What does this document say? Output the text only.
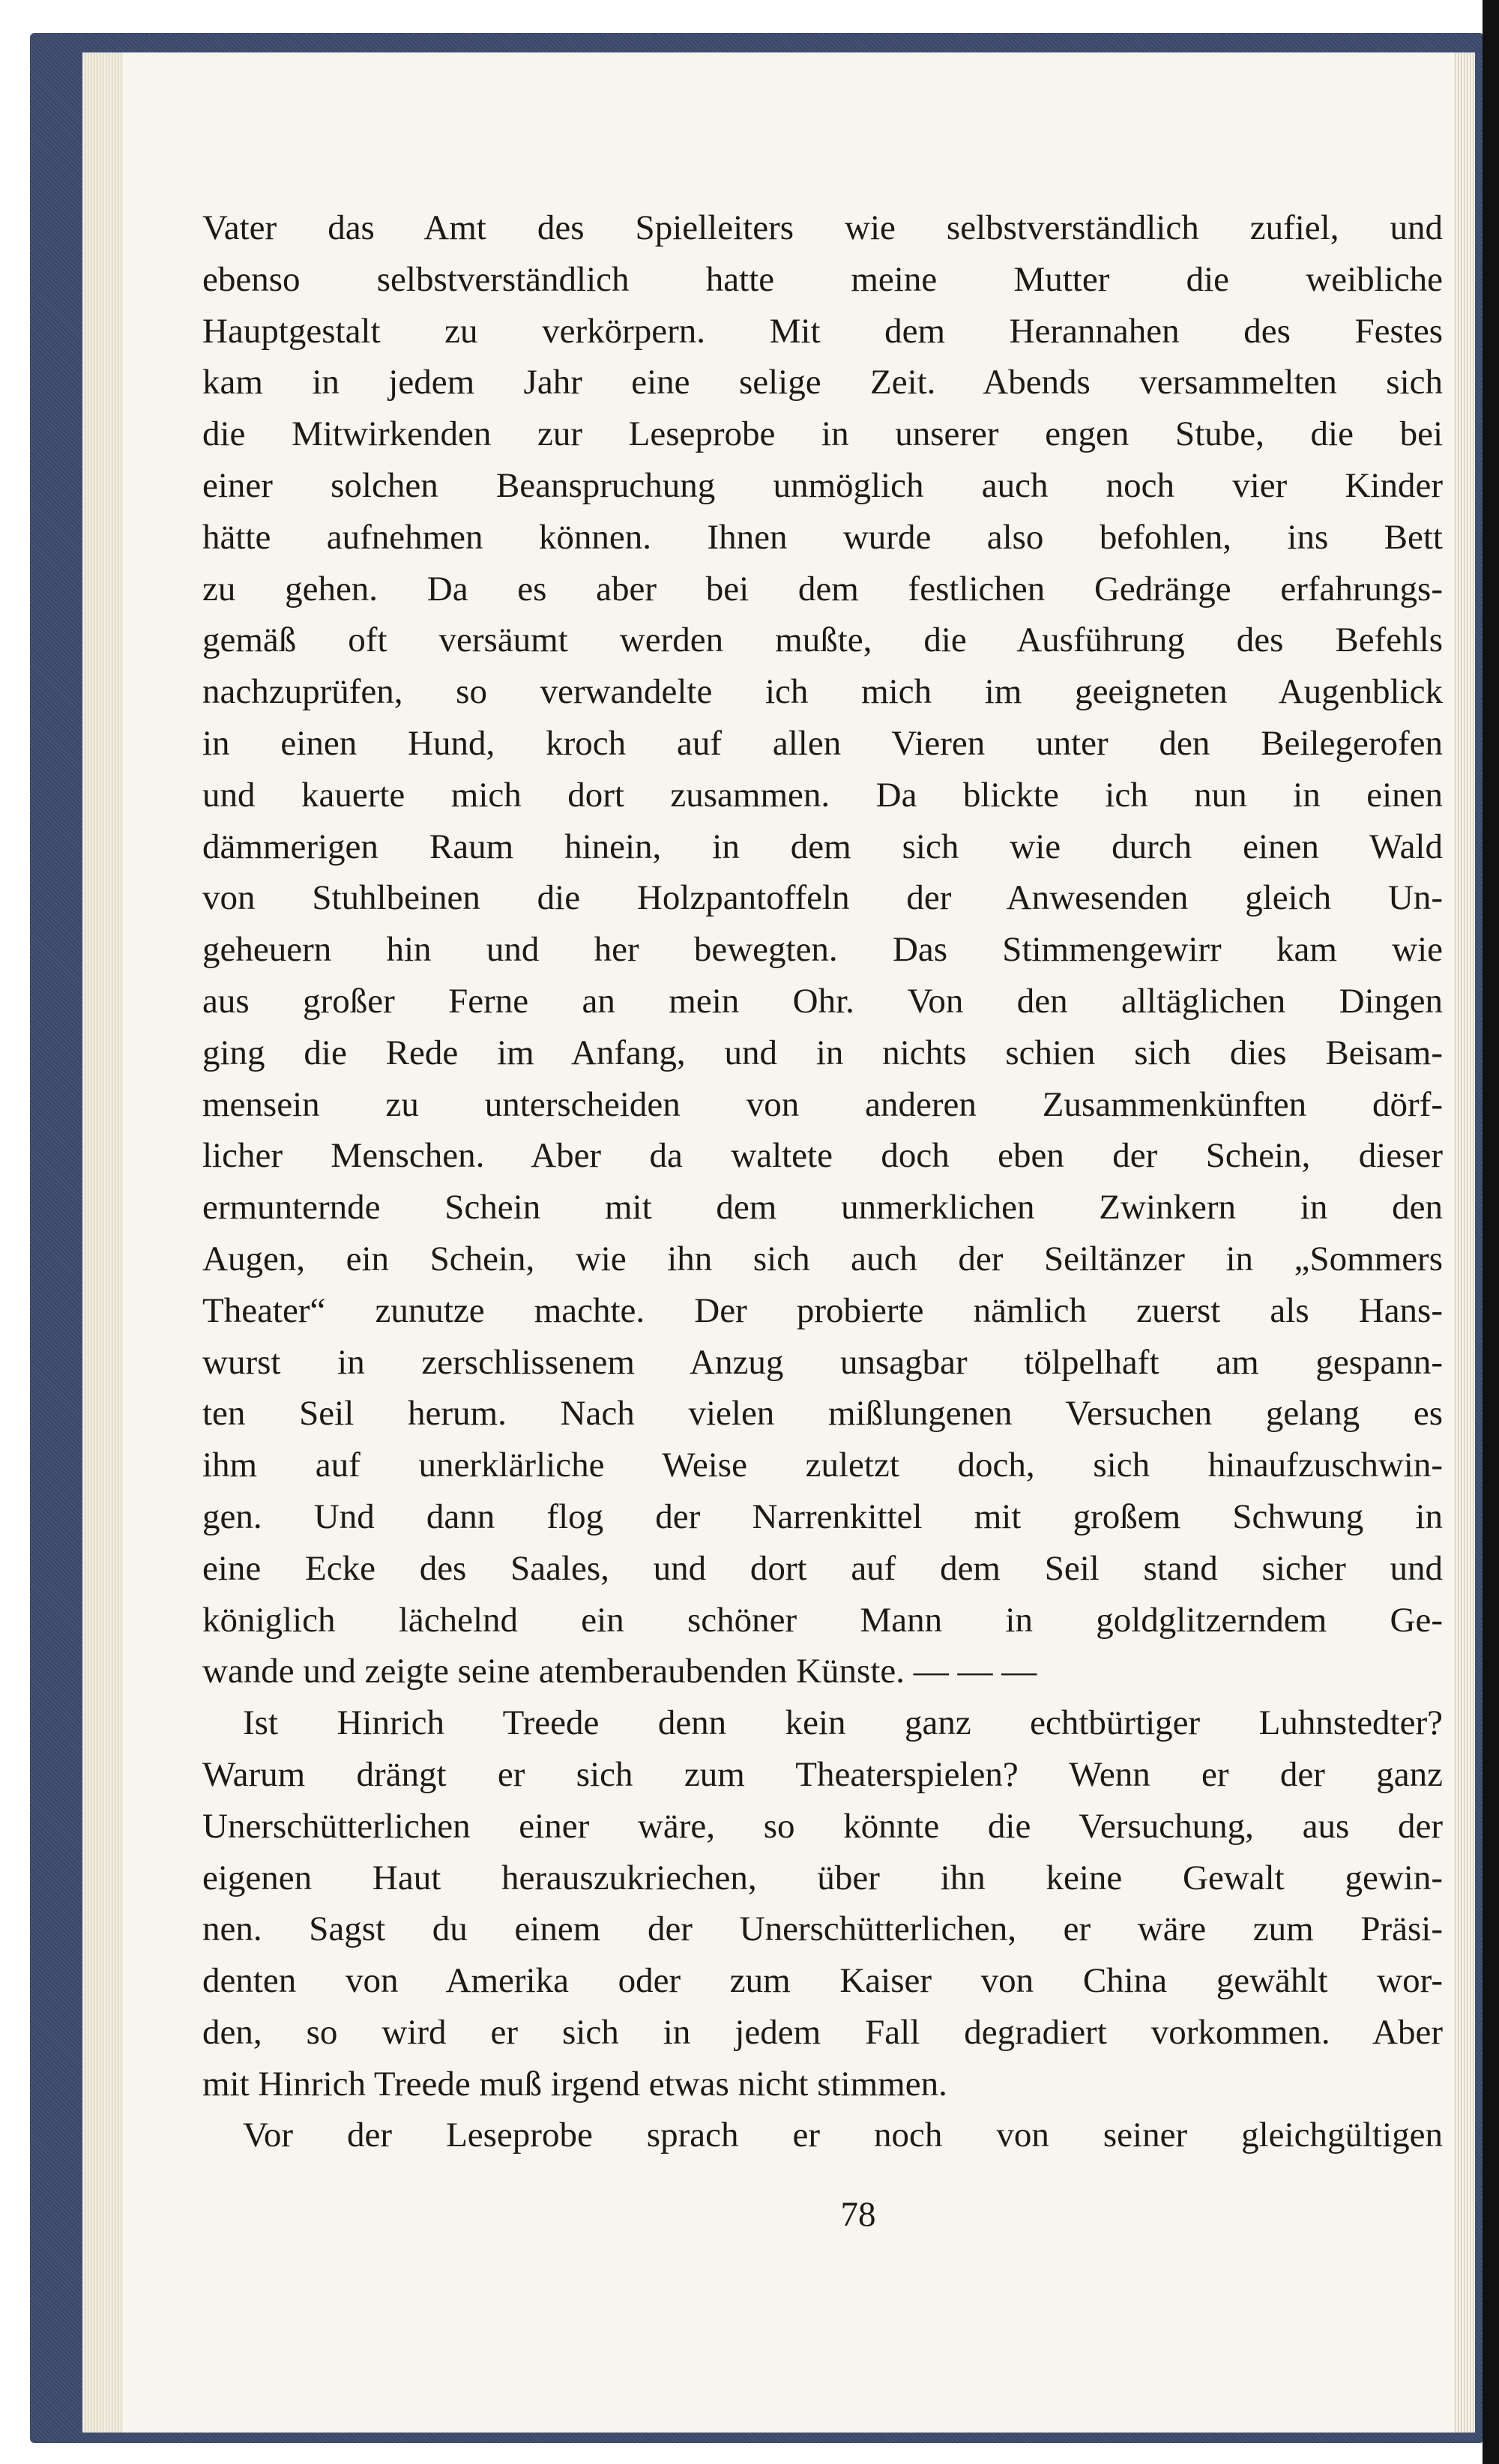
Vater das Amt des Spielleiters wie selbstverständlich zufiel, und
ebenso selbstverständlich hatte meine Mutter die weibliche
Hauptgestalt zu verkörpern. Mit dem Herannahen des Festes
kam in jedem Jahr eine selige Zeit. Abends versammelten sich
die Mitwirkenden zur Leseprobe in unserer engen Stube, die bei
einer solchen Beanspruchung unmöglich auch noch vier Kinder
hätte aufnehmen können. Ihnen wurde also befohlen, ins Bett
zu gehen. Da es aber bei dem festlichen Gedränge erfahrungs-
gemäß oft versäumt werden mußte, die Ausführung des Befehls
nachzuprüfen, so verwandelte ich mich im geeigneten Augenblick
in einen Hund, kroch auf allen Vieren unter den Beilegerofen
und kauerte mich dort zusammen. Da blickte ich nun in einen
dämmerigen Raum hinein, in dem sich wie durch einen Wald
von Stuhlbeinen die Holzpantoffeln der Anwesenden gleich Un-
geheuern hin und her bewegten. Das Stimmengewirr kam wie
aus großer Ferne an mein Ohr. Von den alltäglichen Dingen
ging die Rede im Anfang, und in nichts schien sich dies Beisam-
mensein zu unterscheiden von anderen Zusammenkünften dörf-
licher Menschen. Aber da waltete doch eben der Schein, dieser
ermunternde Schein mit dem unmerklichen Zwinkern in den
Augen, ein Schein, wie ihn sich auch der Seiltänzer in „Sommers
Theater“ zunutze machte. Der probierte nämlich zuerst als Hans-
wurst in zerschlissenem Anzug unsagbar tölpelhaft am gespann-
ten Seil herum. Nach vielen mißlungenen Versuchen gelang es
ihm auf unerklärliche Weise zuletzt doch, sich hinaufzuschwin-
gen. Und dann flog der Narrenkittel mit großem Schwung in
eine Ecke des Saales, und dort auf dem Seil stand sicher und
königlich lächelnd ein schöner Mann in goldglitzerndem Ge-
wande und zeigte seine atemberaubenden Künste. — — —
Ist Hinrich Treede denn kein ganz echtbürtiger Luhnstedter?
Warum drängt er sich zum Theaterspielen? Wenn er der ganz
Unerschütterlichen einer wäre, so könnte die Versuchung, aus der
eigenen Haut herauszukriechen, über ihn keine Gewalt gewin-
nen. Sagst du einem der Unerschütterlichen, er wäre zum Präsi-
denten von Amerika oder zum Kaiser von China gewählt wor-
den, so wird er sich in jedem Fall degradiert vorkommen. Aber
mit Hinrich Treede muß irgend etwas nicht stimmen.
Vor der Leseprobe sprach er noch von seiner gleichgültigen
78
